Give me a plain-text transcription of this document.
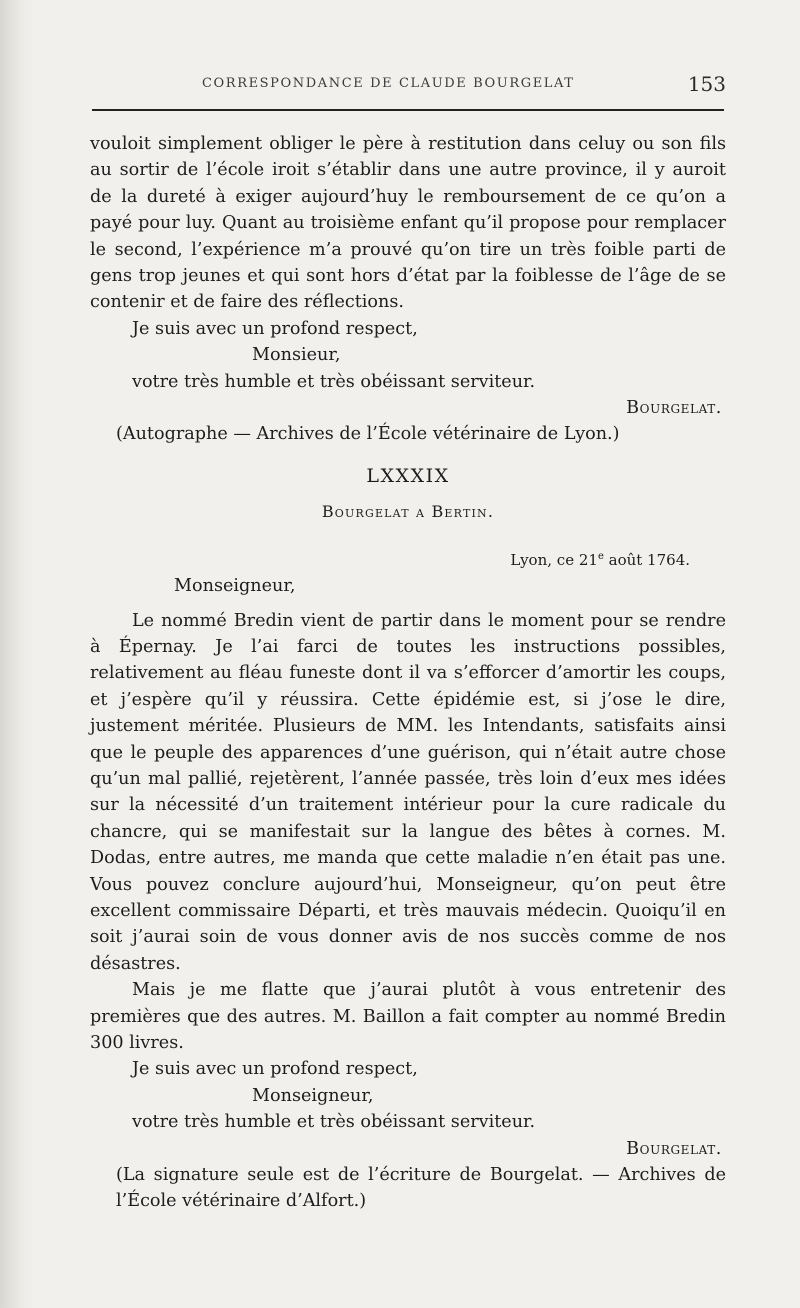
CORRESPONDANCE DE CLAUDE BOURGELAT	153

vouloit simplement obliger le père à restitution dans celuy ou son fils au sortir de l’école iroit s’établir dans une autre province, il y auroit de la dureté à exiger aujourd’huy le remboursement de ce qu’on a payé pour luy. Quant au troisième enfant qu’il propose pour remplacer le second, l’expérience m’a prouvé qu’on tire un très foible parti de gens trop jeunes et qui sont hors d’état par la foiblesse de l’âge de se contenir et de faire des réflections.

Je suis avec un profond respect,

Monsieur,

votre très humble et très obéissant serviteur.

Bourgelat.

(Autographe — Archives de l’École vétérinaire de Lyon.)

LXXXIX

Bourgelat a Bertin.

Lyon, ce 21e août 1764.

Monseigneur,

Le nommé Bredin vient de partir dans le moment pour se rendre à Épernay. Je l’ai farci de toutes les instructions possibles, relativement au fléau funeste dont il va s’efforcer d’amortir les coups, et j’espère qu’il y réussira. Cette épidémie est, si j’ose le dire, justement méritée. Plusieurs de MM. les Intendants, satisfaits ainsi que le peuple des apparences d’une guérison, qui n’était autre chose qu’un mal pallié, rejetèrent, l’année passée, très loin d’eux mes idées sur la nécessité d’un traitement intérieur pour la cure radicale du chancre, qui se manifestait sur la langue des bêtes à cornes. M. Dodas, entre autres, me manda que cette maladie n’en était pas une. Vous pouvez conclure aujourd’hui, Monseigneur, qu’on peut être excellent commissaire Départi, et très mauvais médecin. Quoiqu’il en soit j’aurai soin de vous donner avis de nos succès comme de nos désastres.

Mais je me flatte que j’aurai plutôt à vous entretenir des premières que des autres. M. Baillon a fait compter au nommé Bredin 300 livres.

Je suis avec un profond respect,

Monseigneur,

votre très humble et très obéissant serviteur.

Bourgelat.

(La signature seule est de l’écriture de Bourgelat. — Archives de l’École vétérinaire d’Alfort.)
